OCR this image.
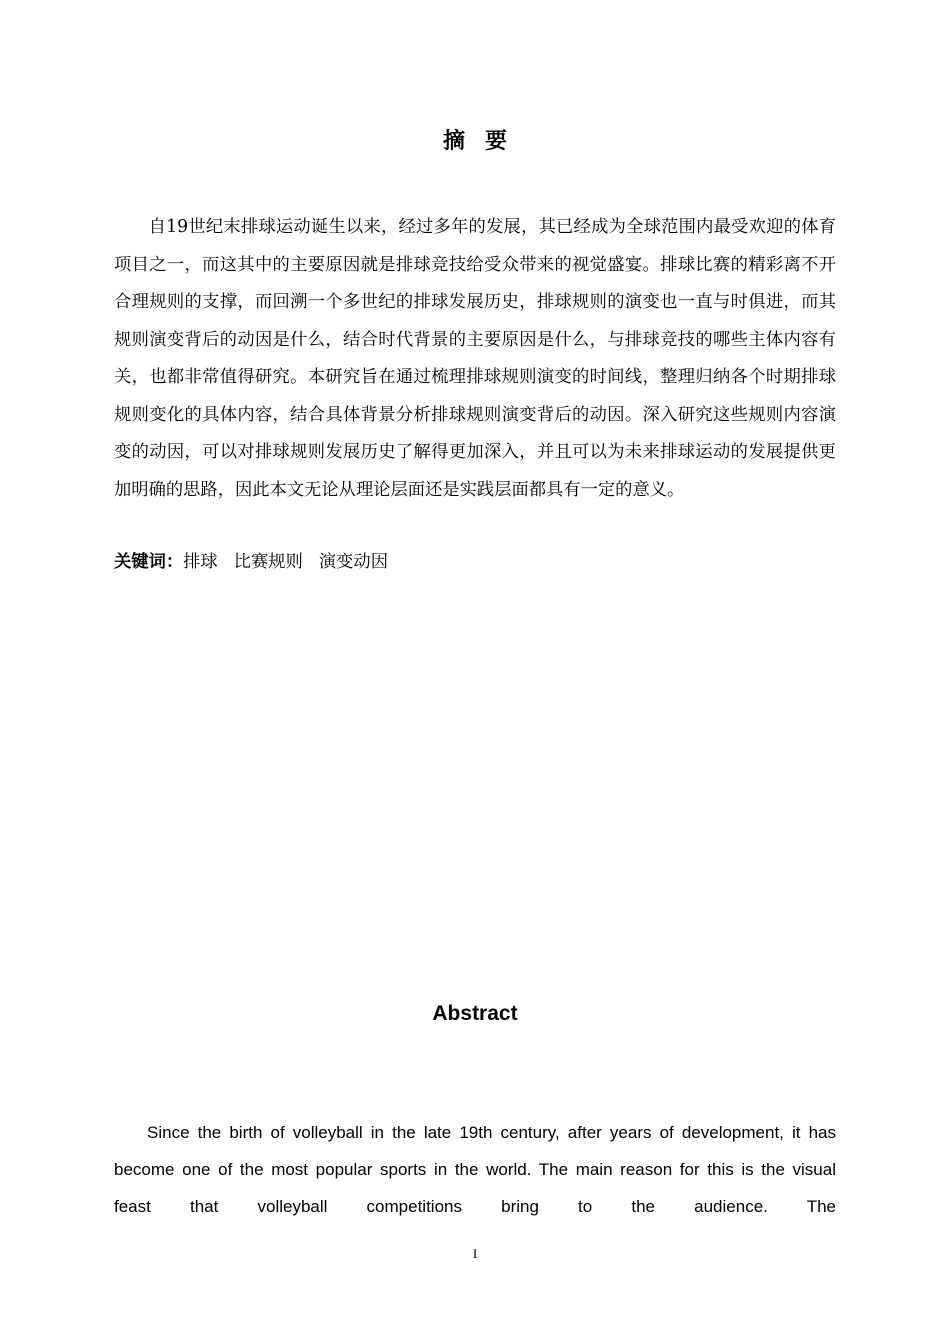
摘 要

自19世纪末排球运动诞生以来，经过多年的发展，其已经成为全球范围内最受欢迎的体育项目之一，而这其中的主要原因就是排球竞技给受众带来的视觉盛宴。排球比赛的精彩离不开合理规则的支撑，而回溯一个多世纪的排球发展历史，排球规则的演变也一直与时俱进，而其规则演变背后的动因是什么，结合时代背景的主要原因是什么，与排球竞技的哪些主体内容有关，也都非常值得研究。本研究旨在通过梳理排球规则演变的时间线，整理归纳各个时期排球规则变化的具体内容，结合具体背景分析排球规则演变背后的动因。深入研究这些规则内容演变的动因，可以对排球规则发展历史了解得更加深入，并且可以为未来排球运动的发展提供更加明确的思路，因此本文无论从理论层面还是实践层面都具有一定的意义。

关键词：排球 比赛规则 演变动因

Abstract

Since the birth of volleyball in the late 19th century, after years of development, it has become one of the most popular sports in the world. The main reason for this is the visual feast that volleyball competitions bring to the audience. The

I
